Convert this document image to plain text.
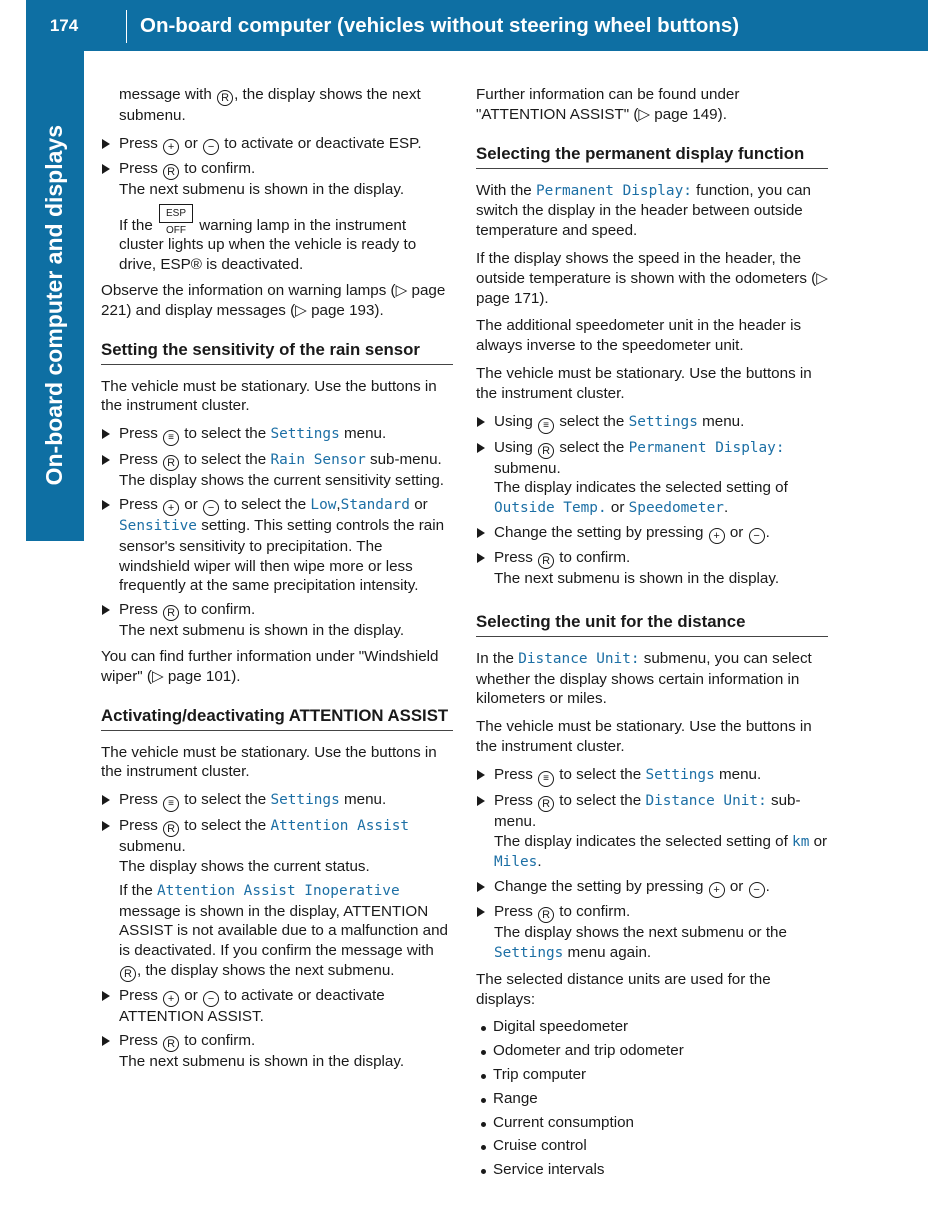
174	On-board computer (vehicles without steering wheel buttons)
On-board computer and displays
message with R , the display shows the next submenu.
Press + or − to activate or deactivate ESP.
Press R to confirm.
The next submenu is shown in the display.
If the ESP OFF warning lamp in the instrument cluster lights up when the vehicle is ready to drive, ESP® is deactivated.
Observe the information on warning lamps (▷ page 221) and display messages (▷ page 193).
Setting the sensitivity of the rain sensor
The vehicle must be stationary. Use the buttons in the instrument cluster.
Press ≡ to select the Settings menu.
Press R to select the Rain Sensor sub-menu.
The display shows the current sensitivity setting.
Press + or − to select the Low,Standard or Sensitive setting. This setting controls the rain sensor's sensitivity to precipitation. The windshield wiper will then wipe more or less frequently at the same precipitation intensity.
Press R to confirm.
The next submenu is shown in the display.
You can find further information under "Windshield wiper" (▷ page 101).
Activating/deactivating ATTENTION ASSIST
The vehicle must be stationary. Use the buttons in the instrument cluster.
Press ≡ to select the Settings menu.
Press R to select the Attention Assist submenu.
The display shows the current status.
If the Attention Assist Inoperative message is shown in the display, ATTENTION ASSIST is not available due to a malfunction and is deactivated. If you confirm the message with R , the display shows the next submenu.
Press + or − to activate or deactivate ATTENTION ASSIST.
Press R to confirm.
The next submenu is shown in the display.
Further information can be found under "ATTENTION ASSIST" (▷ page 149).
Selecting the permanent display function
With the Permanent Display: function, you can switch the display in the header between outside temperature and speed.
If the display shows the speed in the header, the outside temperature is shown with the odometers (▷ page 171).
The additional speedometer unit in the header is always inverse to the speedometer unit.
The vehicle must be stationary. Use the buttons in the instrument cluster.
Using ≡ select the Settings menu.
Using R select the Permanent Display: submenu.
The display indicates the selected setting of Outside Temp. or Speedometer.
Change the setting by pressing + or − .
Press R to confirm.
The next submenu is shown in the display.
Selecting the unit for the distance
In the Distance Unit: submenu, you can select whether the display shows certain information in kilometers or miles.
The vehicle must be stationary. Use the buttons in the instrument cluster.
Press ≡ to select the Settings menu.
Press R to select the Distance Unit: sub-menu.
The display indicates the selected setting of km or Miles.
Change the setting by pressing + or − .
Press R to confirm.
The display shows the next submenu or the Settings menu again.
The selected distance units are used for the displays:
Digital speedometer
Odometer and trip odometer
Trip computer
Range
Current consumption
Cruise control
Service intervals
